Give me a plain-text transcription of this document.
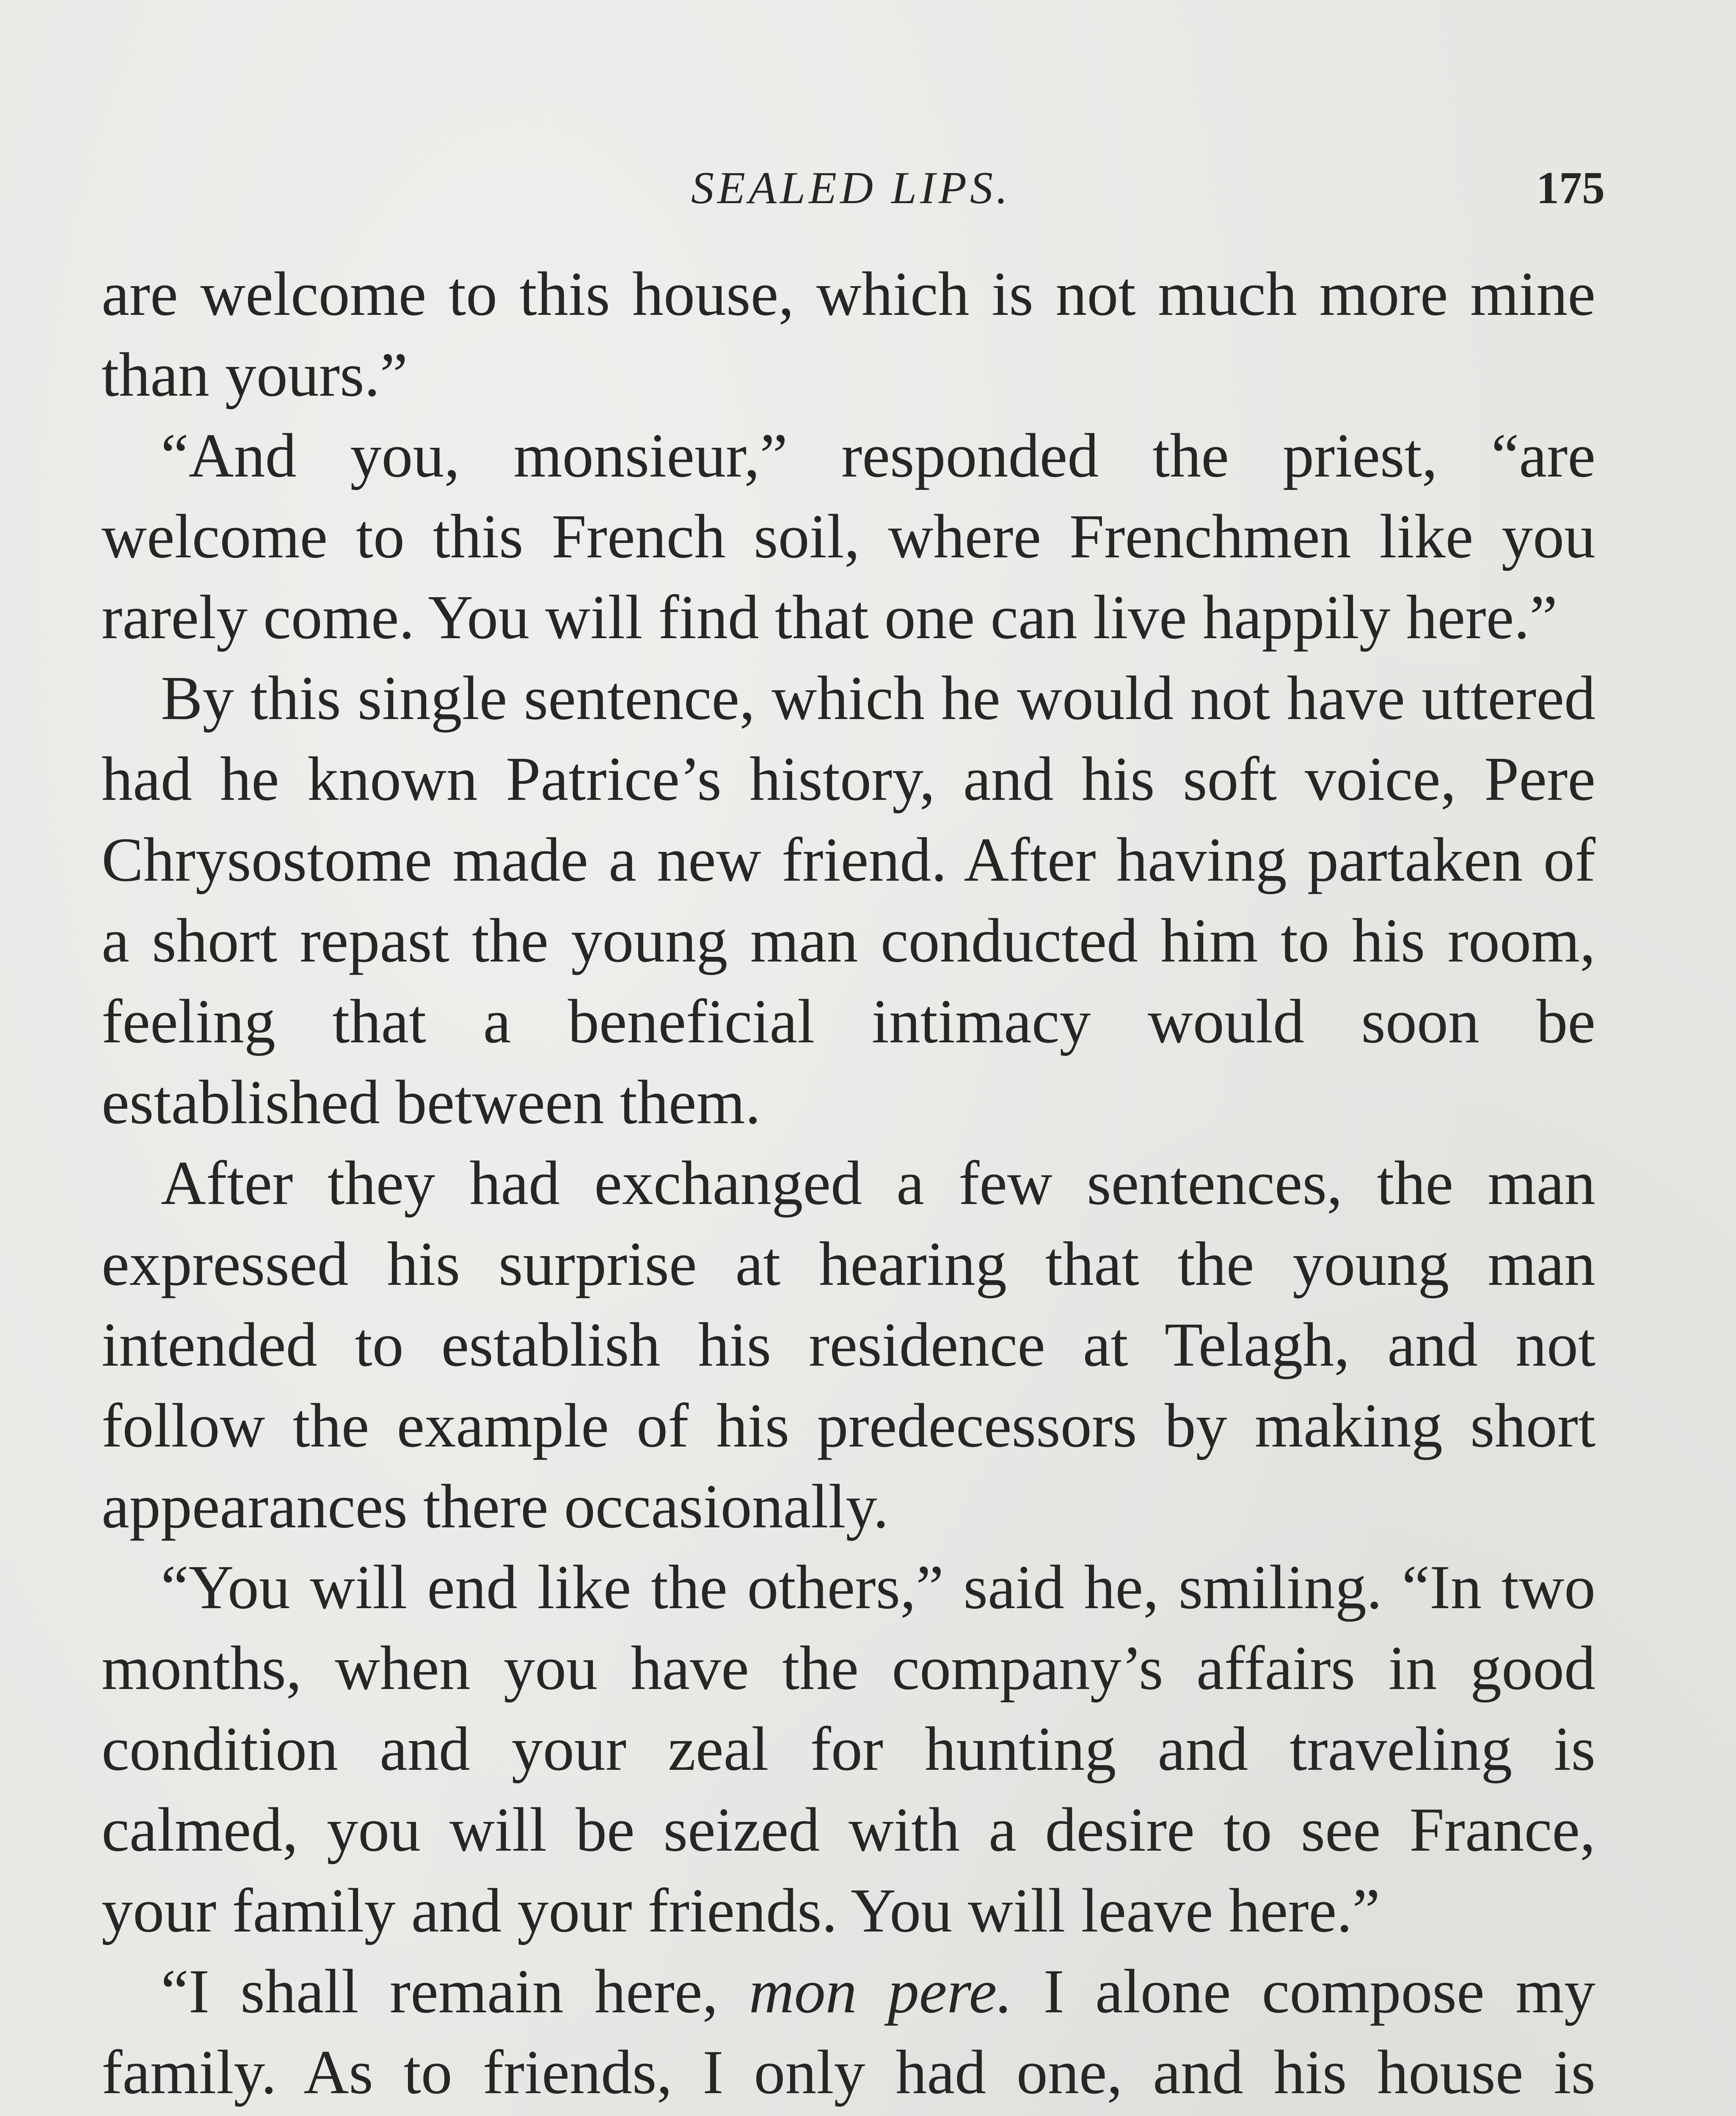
SEALED LIPS.	175

are welcome to this house, which is not much more mine than yours.”

“And you, monsieur,” responded the priest, “are welcome to this French soil, where Frenchmen like you rarely come. You will find that one can live happily here.”

By this single sentence, which he would not have uttered had he known Patrice’s history, and his soft voice, Pere Chrysostome made a new friend. After having partaken of a short repast the young man conducted him to his room, feeling that a beneficial intimacy would soon be established between them.

After they had exchanged a few sentences, the man expressed his surprise at hearing that the young man intended to establish his residence at Telagh, and not follow the example of his predecessors by making short appearances there occasionally.

“You will end like the others,” said he, smiling. “In two months, when you have the company’s affairs in good condition and your zeal for hunting and traveling is calmed, you will be seized with a desire to see France, your family and your friends. You will leave here.”

“I shall remain here, mon pere. I alone compose my family. As to friends, I only had one, and his house is
